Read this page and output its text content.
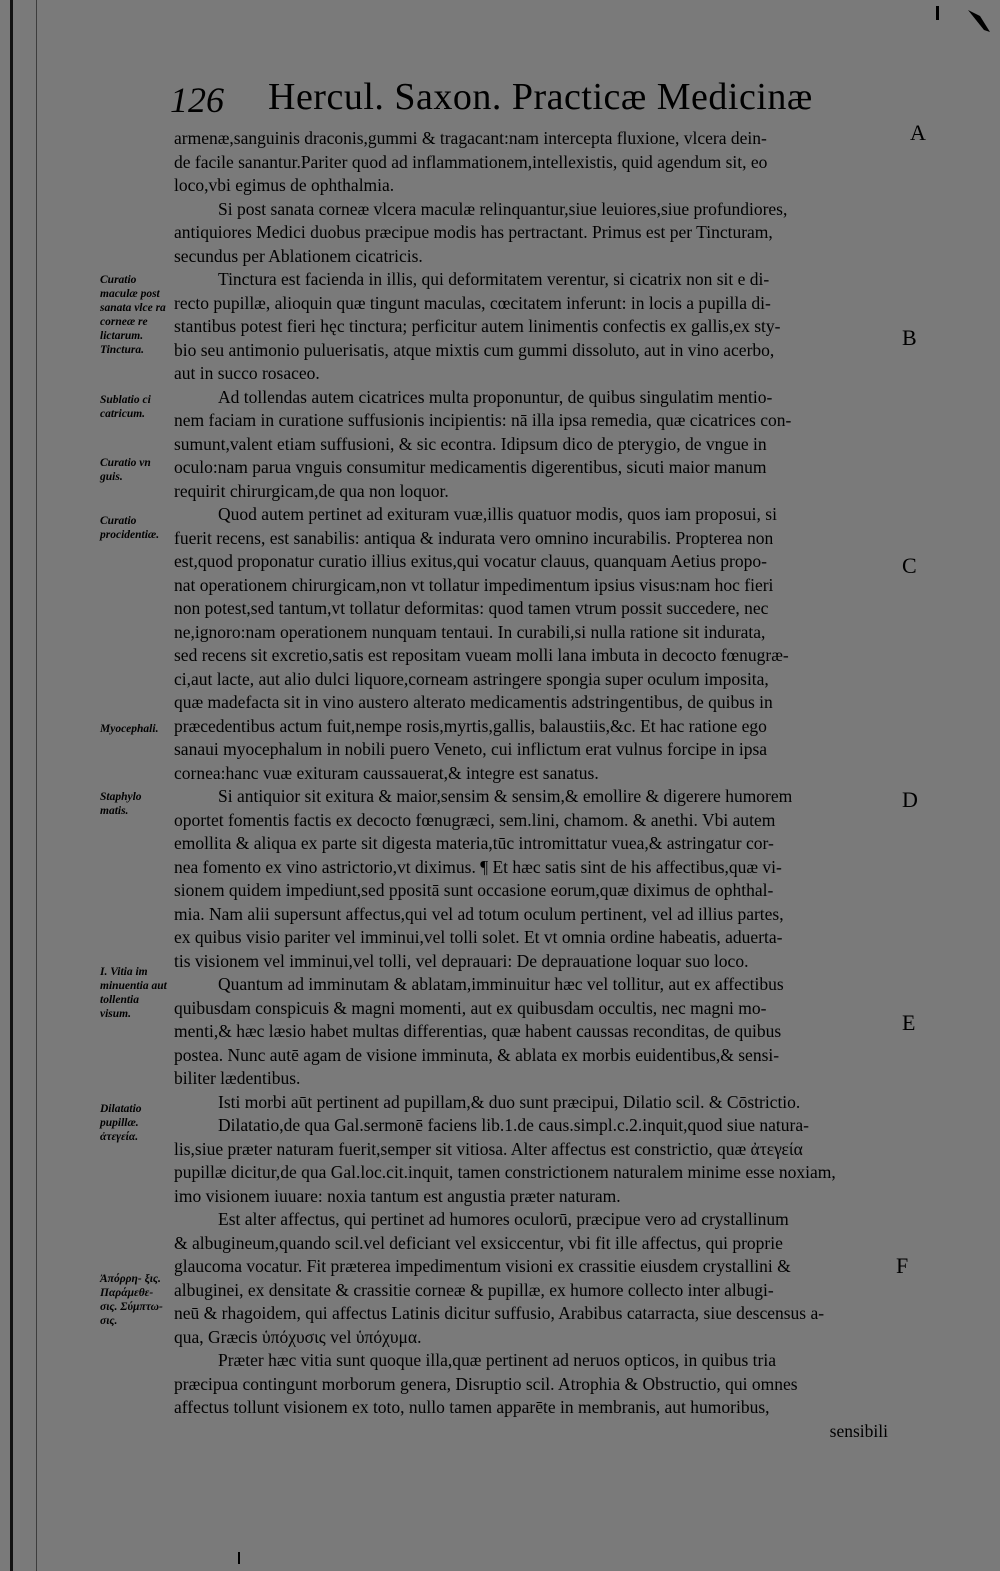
126 Hercul. Saxon. Practicæ Medicinæ
A
B
C
D
E
F
Curatio maculæ post sanata vlce ra corneæ re lictarum. Tinctura.
Sublatio ci catricum.
Curatio vn guis.
Curatio procidentiæ.
Myocephali.
Staphylo matis.
I. Vitia im minuentia aut tollentia visum.
Dilatatio pupillæ. ἀτεγεία.
Ἀπόρρη- ξις. Παράμεθε- σις. Σύμπτω- σις.
armenæ,sanguinis draconis,gummi & tragacant:nam intercepta fluxione, vlcera dein-
de facile sanantur.Pariter quod ad inflammationem,intellexistis, quid agendum sit, eo
loco,vbi egimus de ophthalmia.
Si post sanata corneæ vlcera maculæ relinquantur,siue leuiores,siue profundiores,
antiquiores Medici duobus præcipue modis has pertractant. Primus est per Tincturam,
secundus per Ablationem cicatricis.
Tinctura est facienda in illis, qui deformitatem verentur, si cicatrix non sit e di-
recto pupillæ, alioquin quæ tingunt maculas, cœcitatem inferunt: in locis a pupilla di-
stantibus potest fieri hęc tinctura; perficitur autem linimentis confectis ex gallis,ex sty-
bio seu antimonio puluerisatis, atque mixtis cum gummi dissoluto, aut in vino acerbo,
aut in succo rosaceo.
Ad tollendas autem cicatrices multa proponuntur, de quibus singulatim mentio-
nem faciam in curatione suffusionis incipientis: nā illa ipsa remedia, quæ cicatrices con-
sumunt,valent etiam suffusioni, & sic econtra. Idipsum dico de pterygio, de vngue in
oculo:nam parua vnguis consumitur medicamentis digerentibus, sicuti maior manum
requirit chirurgicam,de qua non loquor.
Quod autem pertinet ad exituram vuæ,illis quatuor modis, quos iam proposui, si
fuerit recens, est sanabilis: antiqua & indurata vero omnino incurabilis. Propterea non
est,quod proponatur curatio illius exitus,qui vocatur clauus, quanquam Aetius propo-
nat operationem chirurgicam,non vt tollatur impedimentum ipsius visus:nam hoc fieri
non potest,sed tantum,vt tollatur deformitas: quod tamen vtrum possit succedere, nec
ne,ignoro:nam operationem nunquam tentaui. In curabili,si nulla ratione sit indurata,
sed recens sit excretio,satis est repositam vueam molli lana imbuta in decocto fœnugræ-
ci,aut lacte, aut alio dulci liquore,corneam astringere spongia super oculum imposita,
quæ madefacta sit in vino austero alterato medicamentis adstringentibus, de quibus in
præcedentibus actum fuit,nempe rosis,myrtis,gallis, balaustiis,&c. Et hac ratione ego
sanaui myocephalum in nobili puero Veneto, cui inflictum erat vulnus forcipe in ipsa
cornea:hanc vuæ exituram caussauerat,& integre est sanatus.
Si antiquior sit exitura & maior,sensim & sensim,& emollire & digerere humorem
oportet fomentis factis ex decocto fœnugræci, sem.lini, chamom. & anethi. Vbi autem
emollita & aliqua ex parte sit digesta materia,tūc intromittatur vuea,& astringatur cor-
nea fomento ex vino astrictorio,vt diximus. ¶ Et hæc satis sint de his affectibus,quæ vi-
sionem quidem impediunt,sed ppositā sunt occasione eorum,quæ diximus de ophthal-
mia. Nam alii supersunt affectus,qui vel ad totum oculum pertinent, vel ad illius partes,
ex quibus visio pariter vel imminui,vel tolli solet. Et vt omnia ordine habeatis, aduerta-
tis visionem vel imminui,vel tolli, vel deprauari: De deprauatione loquar suo loco.
Quantum ad imminutam & ablatam,imminuitur hæc vel tollitur, aut ex affectibus
quibusdam conspicuis & magni momenti, aut ex quibusdam occultis, nec magni mo-
menti,& hæc læsio habet multas differentias, quæ habent caussas reconditas, de quibus
postea. Nunc autē agam de visione imminuta, & ablata ex morbis euidentibus,& sensi-
biliter lædentibus.
Isti morbi aūt pertinent ad pupillam,& duo sunt præcipui, Dilatio scil. & Cōstrictio.
Dilatatio,de qua Gal.sermonē faciens lib.1.de caus.simpl.c.2.inquit,quod siue natura-
lis,siue præter naturam fuerit,semper sit vitiosa. Alter affectus est constrictio, quæ ἀτεγεία
pupillæ dicitur,de qua Gal.loc.cit.inquit, tamen constrictionem naturalem minime esse noxiam,
imo visionem iuuare: noxia tantum est angustia præter naturam.
Est alter affectus, qui pertinet ad humores oculorū, præcipue vero ad crystallinum
& albugineum,quando scil.vel deficiant vel exsiccentur, vbi fit ille affectus, qui proprie
glaucoma vocatur. Fit præterea impedimentum visioni ex crassitie eiusdem crystallini &
albuginei, ex densitate & crassitie corneæ & pupillæ, ex humore collecto inter albugi-
neū & rhagoidem, qui affectus Latinis dicitur suffusio, Arabibus catarracta, siue descensus a-
qua, Græcis ὑπόχυσις vel ὑπόχυμα.
Præter hæc vitia sunt quoque illa,quæ pertinent ad neruos opticos, in quibus tria
præcipua contingunt morborum genera, Disruptio scil. Atrophia & Obstructio, qui omnes
affectus tollunt visionem ex toto, nullo tamen apparēte in membranis, aut humoribus,
sensibili
